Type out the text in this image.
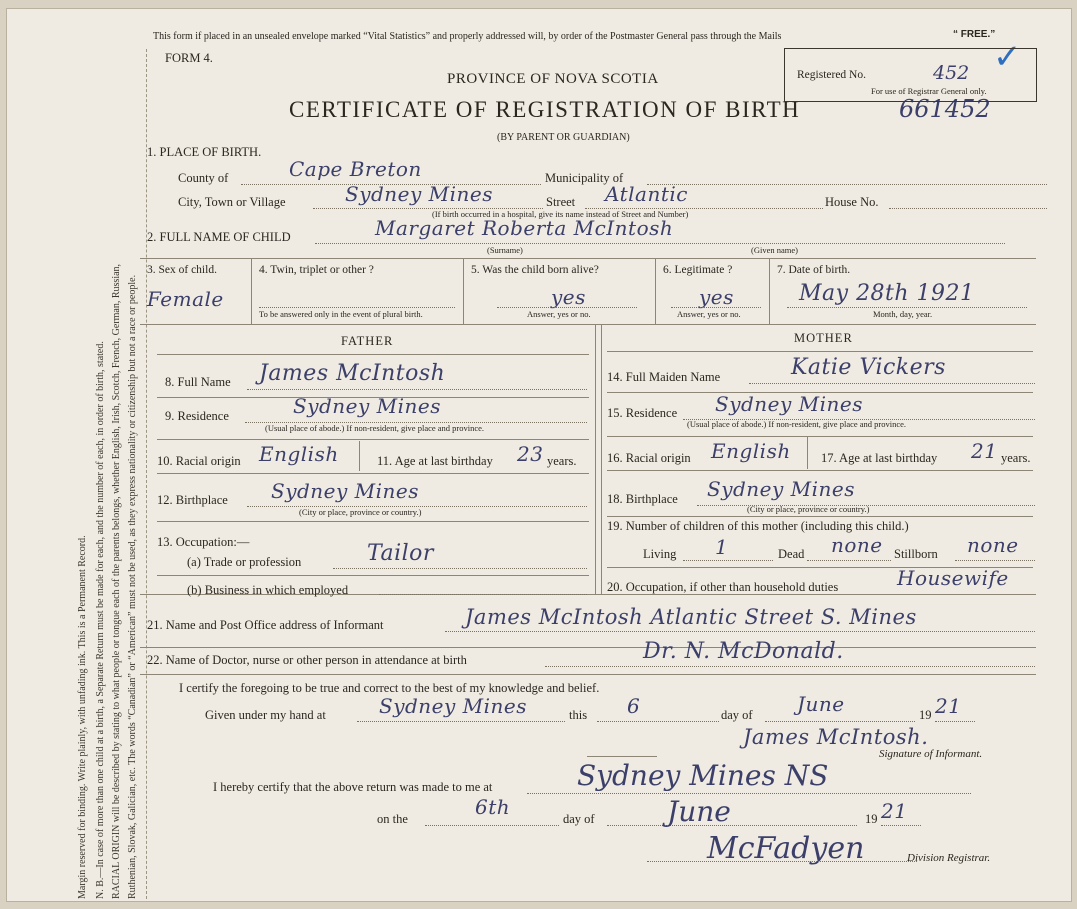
Margin reserved for binding. Write plainly, with unfading ink. This is a Permanent Record. N. B.—In case of more than one child at a birth, a Separate Return must be made for each, and the number of each, in order of birth, stated. RACIAL ORIGIN will be described by stating to what people or tongue each of the parents belongs, whether English, Irish, Scotch, French, German, Russian, Ruthenian, Slovak, Galician, etc. The words “Canadian” or “American” must not be used, as they express nationality or citizenship but not a race or people.
This form if placed in an unsealed envelope marked “Vital Statistics” and properly addressed will, by order of the Postmaster General pass through the Mails	“ FREE.”
✓
FORM 4.
PROVINCE OF NOVA SCOTIA
CERTIFICATE OF REGISTRATION OF BIRTH	661452
(BY PARENT OR GUARDIAN)
Registered No.	452
For use of Registrar General only.
1. PLACE OF BIRTH.
County of	Cape Breton	Municipality of
City, Town or Village	Sydney Mines	Street Atlantic	House No.
(If birth occurred in a hospital, give its name instead of Street and Number)
2. FULL NAME OF CHILD	Margaret Roberta McIntosh
(Surname)	(Given name)
3. Sex of child.
Female
4. Twin, triplet or other ?
To be answered only in the event of plural birth.
5. Was the child born alive?
yes
Answer, yes or no.
6. Legitimate ?
yes
Answer, yes or no.
7. Date of birth.
May 28th 1921
Month, day, year.
FATHER	MOTHER
8. Full Name James McIntosh
9. Residence	Sydney Mines
(Usual place of abode.) If non-resident, give place and province.
10. Racial origin English	11. Age at last birthday 23 years.
12. Birthplace Sydney Mines
(City or place, province or country.)
13. Occupation:—
(a) Trade or profession	Tailor
(b) Business in which employed
14. Full Maiden Name	Katie Vickers
15. Residence Sydney Mines
(Usual place of abode.) If non-resident, give place and province.
16. Racial origin English 17. Age at last birthday 21 years.
18. Birthplace Sydney Mines
(City or place, province or country.)
19. Number of children of this mother (including this child.)
Living 1	Dead none Stillborn none
20. Occupation, if other than household duties	Housewife
21. Name and Post Office address of Informant	James McIntosh Atlantic Street S. Mines
22. Name of Doctor, nurse or other person in attendance at birth	Dr. N. McDonald.
I certify the foregoing to be true and correct to the best of my knowledge and belief.
Given under my hand at	Sydney Mines	this 6	day of June	19 21
James McIntosh.
Signature of Informant.
I hereby certify that the above return was made to me at	Sydney Mines NS
on the	6th	day of	June	19 21
McFadyen	Division Registrar.
